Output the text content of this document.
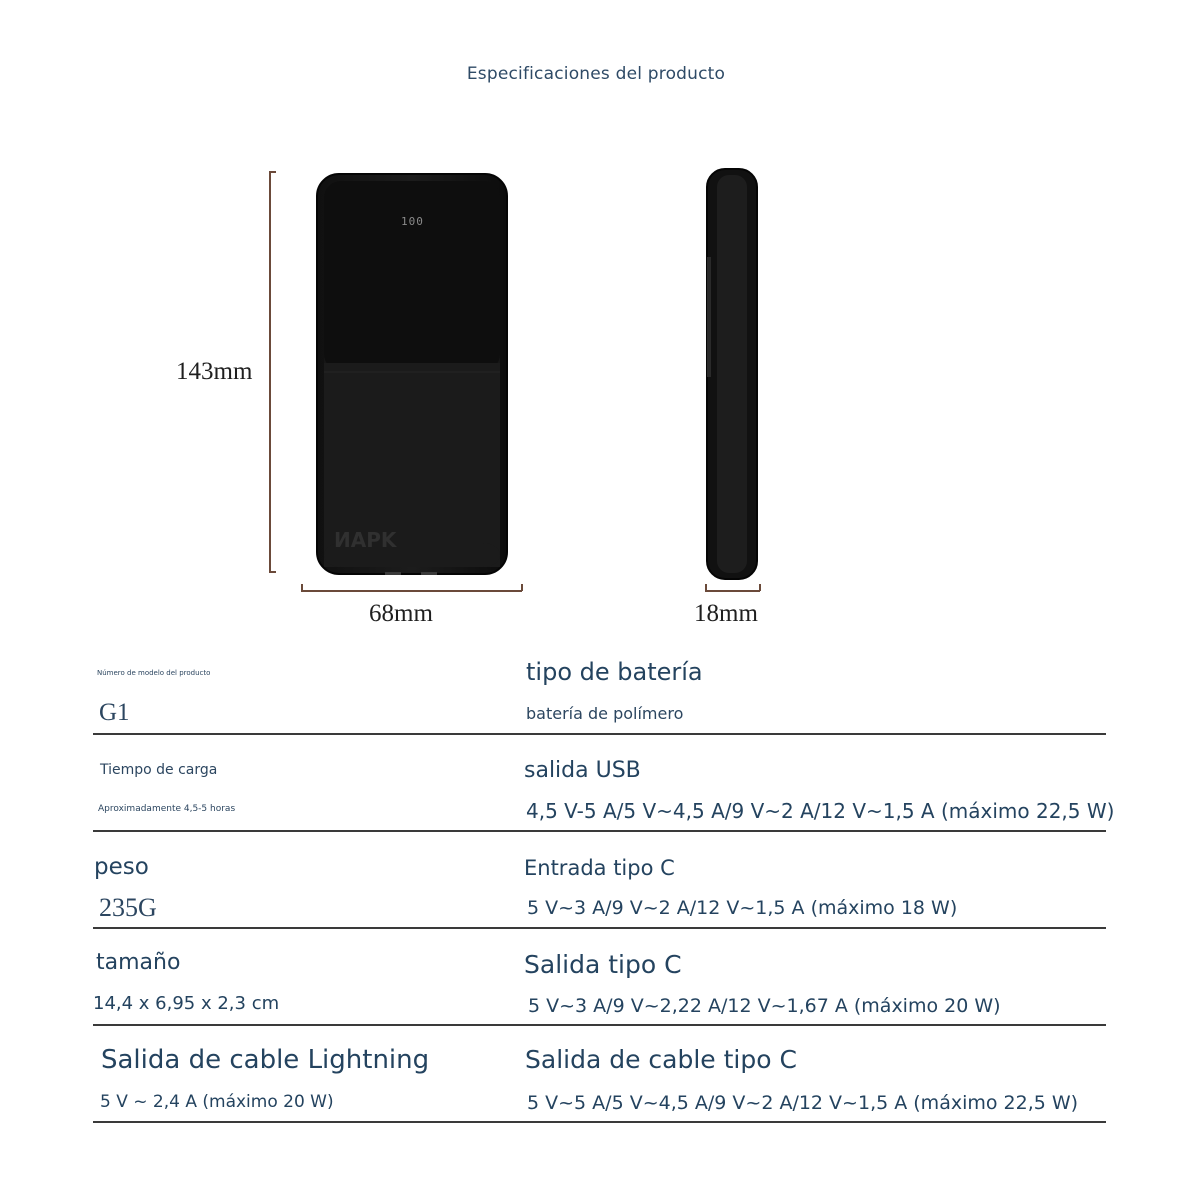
Especificaciones del producto
100
ИAPK
143mm
68mm	18mm
Número de modelo del producto
G1
tipo de batería
batería de polímero
Tiempo de carga
Aproximadamente 4,5-5 horas
salida USB
4,5 V-5 A/5 V~4,5 A/9 V~2 A/12 V~1,5 A (máximo 22,5 W)
peso
235G
Entrada tipo C
5 V~3 A/9 V~2 A/12 V~1,5 A (máximo 18 W)
tamaño
14,4 x 6,95 x 2,3 cm
Salida tipo C
5 V~3 A/9 V~2,22 A/12 V~1,67 A (máximo 20 W)
Salida de cable Lightning
5 V ~ 2,4 A (máximo 20 W)
Salida de cable tipo C
5 V~5 A/5 V~4,5 A/9 V~2 A/12 V~1,5 A (máximo 22,5 W)
